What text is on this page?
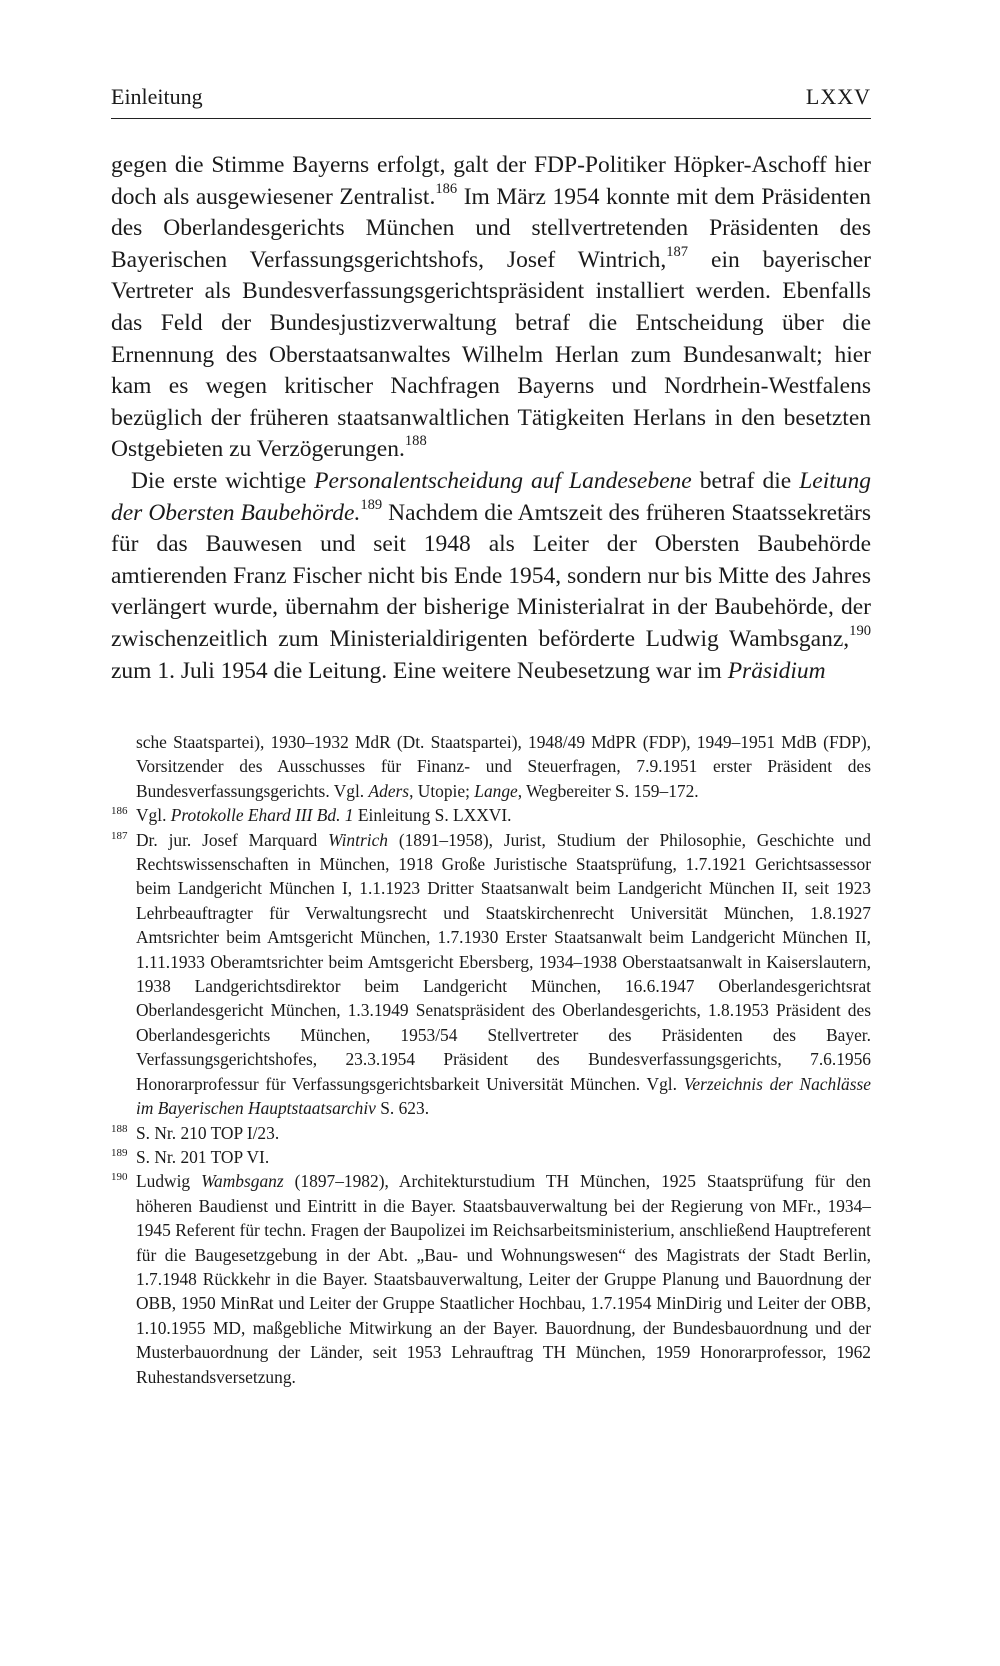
Einleitung	LXXV

gegen die Stimme Bayerns erfolgt, galt der FDP-Politiker Höpker-Aschoff hier doch als ausgewiesener Zentralist.$^{186}$ Im März 1954 konnte mit dem Präsidenten des Oberlandesgerichts München und stellvertretenden Präsidenten des Bayerischen Verfassungsgerichtshofs, Josef Wintrich,$^{187}$ ein bayerischer Vertreter als Bundesverfassungsgerichtspräsident installiert werden. Ebenfalls das Feld der Bundesjustizverwaltung betraf die Entscheidung über die Ernennung des Oberstaatsanwaltes Wilhelm Herlan zum Bundesanwalt; hier kam es wegen kritischer Nachfragen Bayerns und Nordrhein-Westfalens bezüglich der früheren staatsanwaltlichen Tätigkeiten Herlans in den besetzten Ostgebieten zu Verzögerungen.$^{188}$

Die erste wichtige Personalentscheidung auf Landesebene betraf die Leitung der Obersten Baubehörde.$^{189}$ Nachdem die Amtszeit des früheren Staatssekretärs für das Bauwesen und seit 1948 als Leiter der Obersten Baubehörde amtierenden Franz Fischer nicht bis Ende 1954, sondern nur bis Mitte des Jahres verlängert wurde, übernahm der bisherige Ministerialrat in der Baubehörde, der zwischenzeitlich zum Ministerialdirigenten beförderte Ludwig Wambsganz,$^{190}$ zum 1. Juli 1954 die Leitung. Eine weitere Neubesetzung war im Präsidium

sche Staatspartei), 1930–1932 MdR (Dt. Staatspartei), 1948/49 MdPR (FDP), 1949–1951 MdB (FDP), Vorsitzender des Ausschusses für Finanz- und Steuerfragen, 7.9.1951 erster Präsident des Bundesverfassungsgerichts. Vgl. Aders, Utopie; Lange, Wegbereiter S. 159–172.

186 Vgl. Protokolle Ehard III Bd. 1 Einleitung S. LXXVI.

187 Dr. jur. Josef Marquard Wintrich (1891–1958), Jurist, Studium der Philosophie, Geschichte und Rechtswissenschaften in München, 1918 Große Juristische Staatsprüfung, 1.7.1921 Gerichtsassessor beim Landgericht München I, 1.1.1923 Dritter Staatsanwalt beim Landgericht München II, seit 1923 Lehrbeauftragter für Verwaltungsrecht und Staatskirchenrecht Universität München, 1.8.1927 Amtsrichter beim Amtsgericht München, 1.7.1930 Erster Staatsanwalt beim Landgericht München II, 1.11.1933 Oberamtsrichter beim Amtsgericht Ebersberg, 1934–1938 Oberstaatsanwalt in Kaiserslautern, 1938 Landgerichtsdirektor beim Landgericht München, 16.6.1947 Oberlandesgerichtsrat Oberlandesgericht München, 1.3.1949 Senatspräsident des Oberlandesgerichts, 1.8.1953 Präsident des Oberlandesgerichts München, 1953/54 Stellvertreter des Präsidenten des Bayer. Verfassungsgerichtshofes, 23.3.1954 Präsident des Bundesverfassungsgerichts, 7.6.1956 Honorarprofessur für Verfassungsgerichtsbarkeit Universität München. Vgl. Verzeichnis der Nachlässe im Bayerischen Hauptstaatsarchiv S. 623.

188 S. Nr. 210 TOP I/23.

189 S. Nr. 201 TOP VI.

190 Ludwig Wambsganz (1897–1982), Architekturstudium TH München, 1925 Staatsprüfung für den höheren Baudienst und Eintritt in die Bayer. Staatsbauverwaltung bei der Regierung von MFr., 1934–1945 Referent für techn. Fragen der Baupolizei im Reichsarbeitsministerium, anschließend Hauptreferent für die Baugesetzgebung in der Abt. „Bau- und Wohnungswesen“ des Magistrats der Stadt Berlin, 1.7.1948 Rückkehr in die Bayer. Staatsbauverwaltung, Leiter der Gruppe Planung und Bauordnung der OBB, 1950 MinRat und Leiter der Gruppe Staatlicher Hochbau, 1.7.1954 MinDirig und Leiter der OBB, 1.10.1955 MD, maßgebliche Mitwirkung an der Bayer. Bauordnung, der Bundesbauordnung und der Musterbauordnung der Länder, seit 1953 Lehrauftrag TH München, 1959 Honorarprofessor, 1962 Ruhestandsversetzung.
